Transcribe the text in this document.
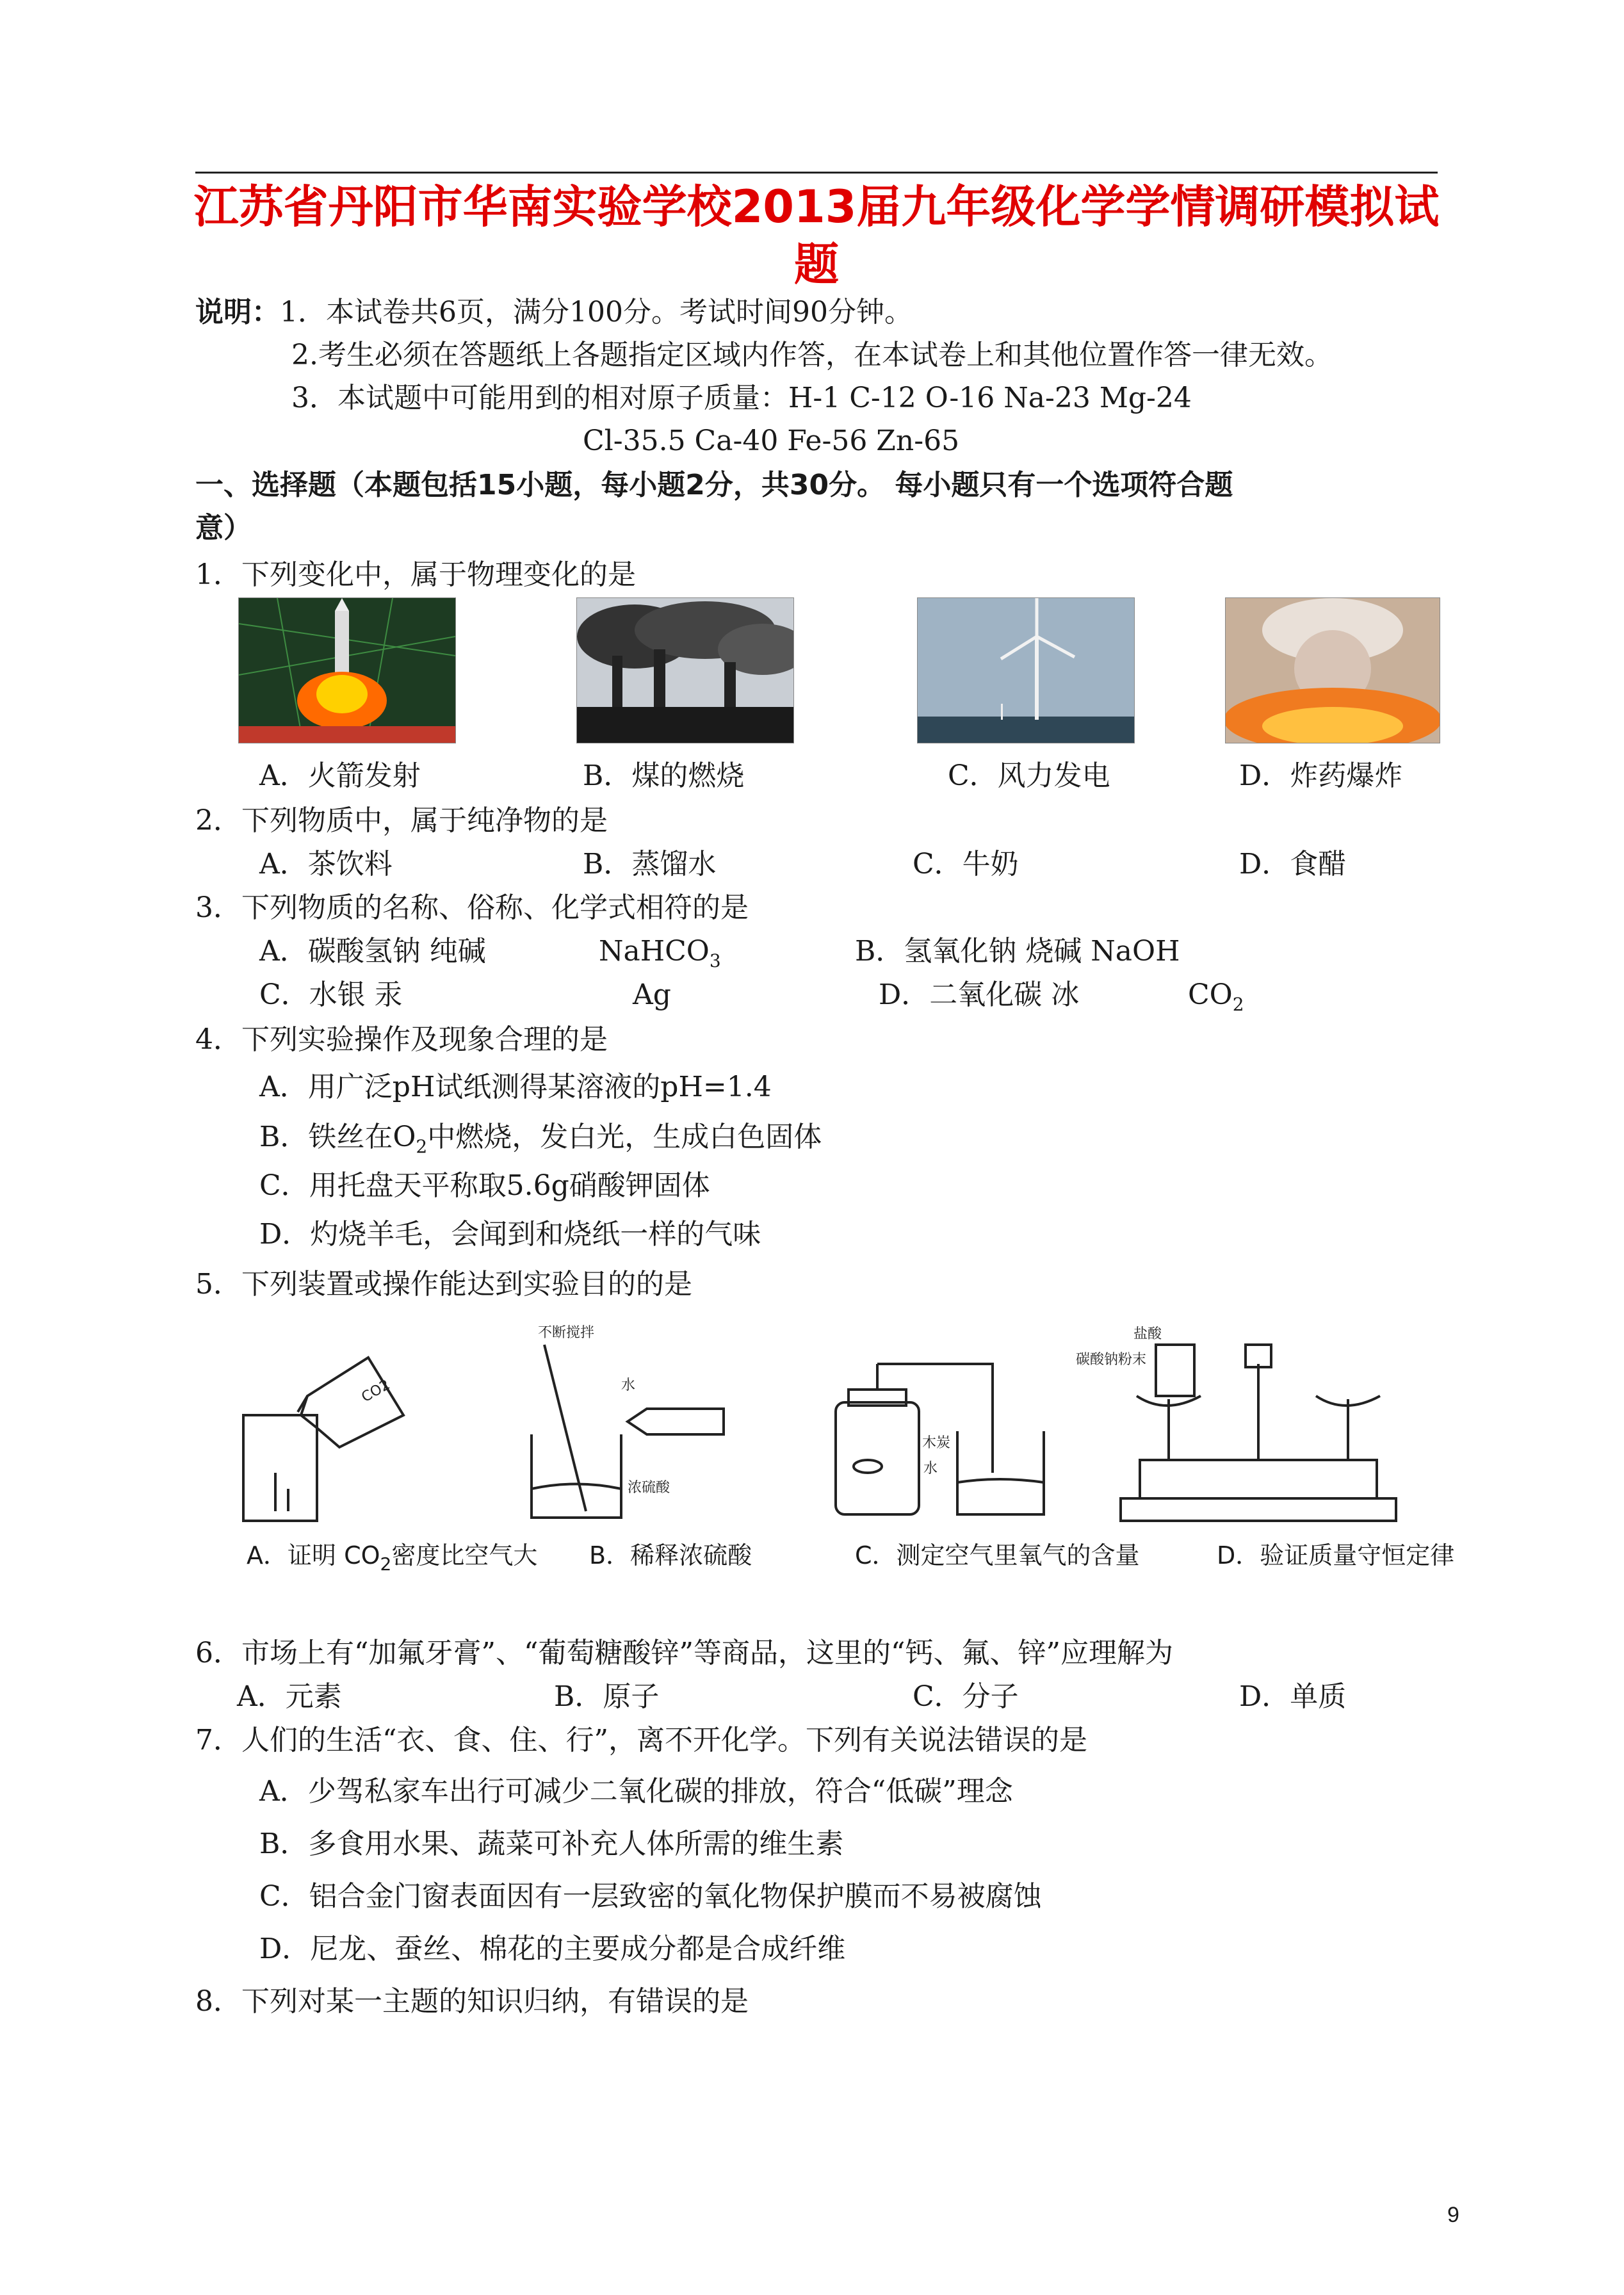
江苏省丹阳市华南实验学校2013届九年级化学学情调研模拟试
题
说明：1．本试卷共6页，满分100分。考试时间90分钟。
2.考生必须在答题纸上各题指定区域内作答，在本试卷上和其他位置作答一律无效。
3．本试题中可能用到的相对原子质量：H-1 C-12 O-16 Na-23 Mg-24
Cl-35.5 Ca-40 Fe-56 Zn-65
一、选择题（本题包括15小题，每小题2分，共30分。 每小题只有一个选项符合题
意）
1．下列变化中，属于物理变化的是
A．火箭发射	B．煤的燃烧	C．风力发电	D．炸药爆炸
2．下列物质中，属于纯净物的是
A．茶饮料	B．蒸馏水	C．牛奶	D．食醋
3．下列物质的名称、俗称、化学式相符的是
A．碳酸氢钠 纯碱	NaHCO$_3$	B．氢氧化钠 烧碱 NaOH
C．水银 汞	Ag	D．二氧化碳 冰	$CO_2$
4．下列实验操作及现象合理的是
A．用广泛pH试纸测得某溶液的pH=1.4
B．铁丝在$O_2$中燃烧，发白光，生成白色固体
C．用托盘天平称取5.6g硝酸钾固体
D．灼烧羊毛，会闻到和烧纸一样的气味
5．下列装置或操作能达到实验目的的是
CO2
不断搅拌
水
浓硫酸
木炭
水
盐酸
碳酸钠粉末
A．证明 $CO_2$密度比空气大 B．稀释浓硫酸	C．测定空气里氧气的含量	D．验证质量守恒定律
6．市场上有“加氟牙膏”、“葡萄糖酸锌”等商品，这里的“钙、氟、锌”应理解为
A．元素	B．原子	C．分子	D．单质
7．人们的生活“衣、食、住、行”，离不开化学。下列有关说法错误的是
A．少驾私家车出行可减少二氧化碳的排放，符合“低碳”理念
B．多食用水果、蔬菜可补充人体所需的维生素
C．铝合金门窗表面因有一层致密的氧化物保护膜而不易被腐蚀
D．尼龙、蚕丝、棉花的主要成分都是合成纤维
8．下列对某一主题的知识归纳，有错误的是
9
